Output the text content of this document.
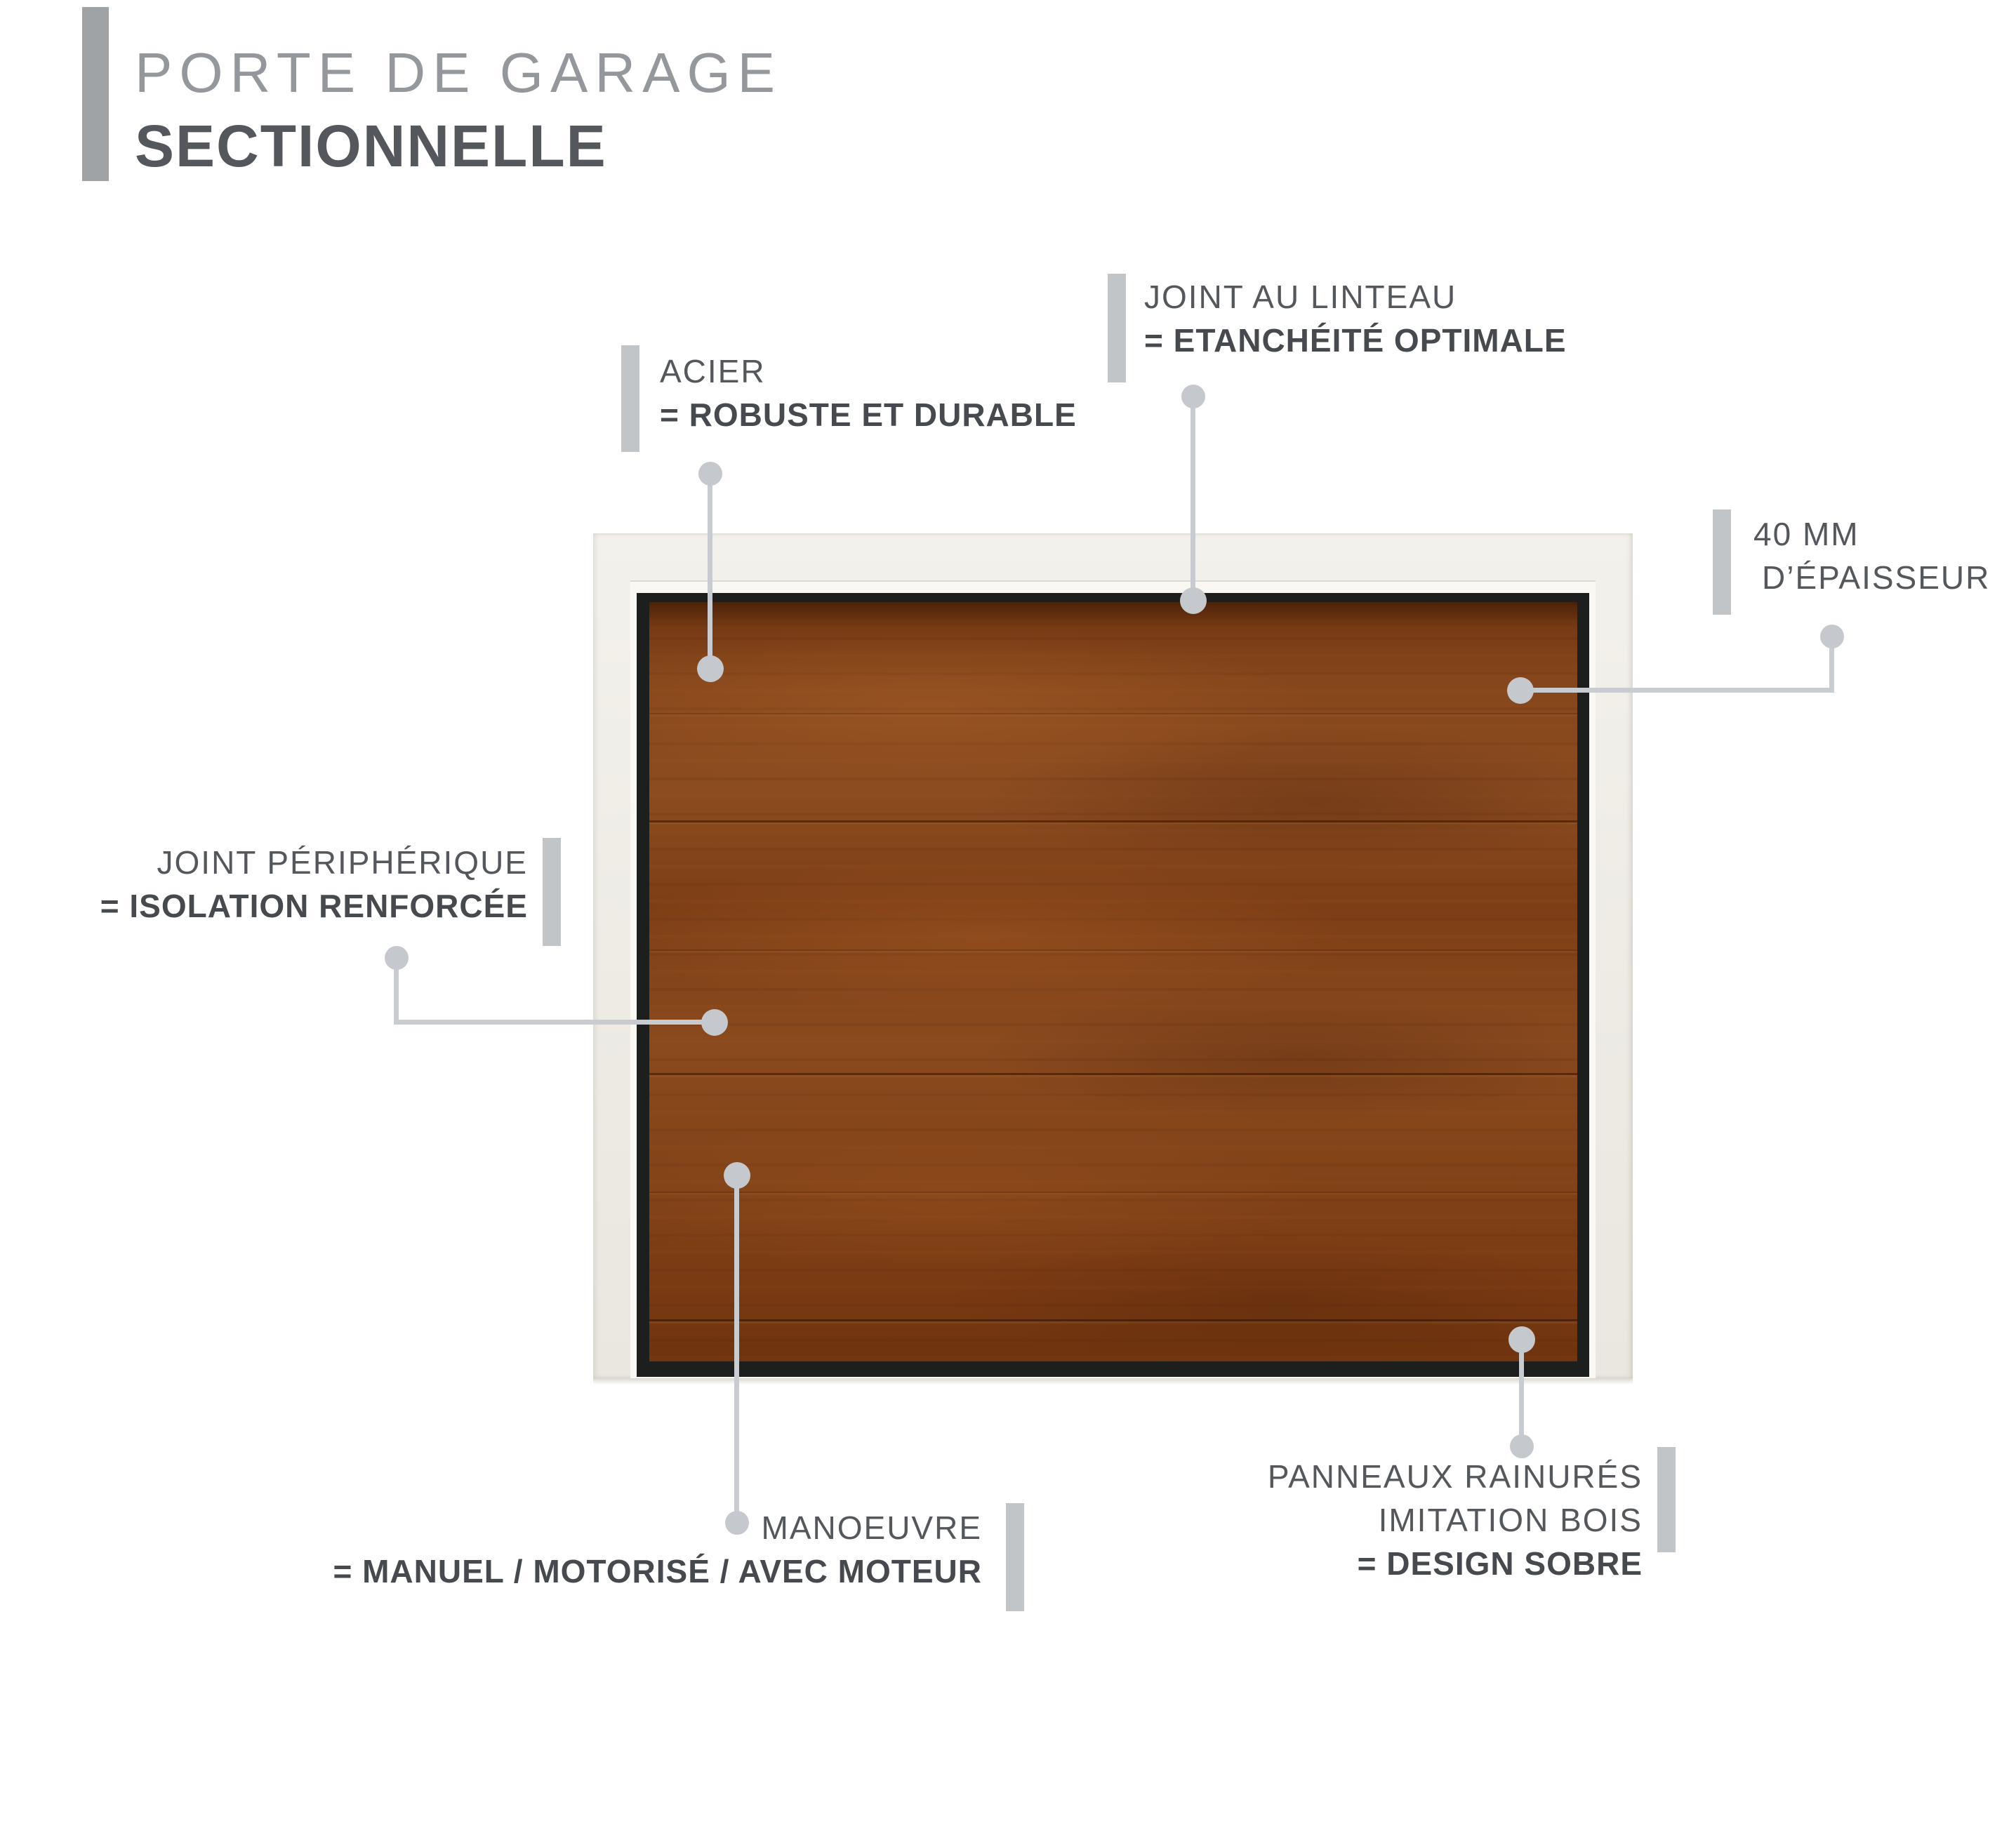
PORTE DE GARAGE
SECTIONNELLE
ACIER
= ROBUSTE ET DURABLE
JOINT AU LINTEAU
= ETANCHÉITÉ OPTIMALE
40 MM
D’ÉPAISSEUR
JOINT PÉRIPHÉRIQUE
= ISOLATION RENFORCÉE
MANOEUVRE
= MANUEL / MOTORISÉ / AVEC MOTEUR
PANNEAUX RAINURÉS
IMITATION BOIS
= DESIGN SOBRE
